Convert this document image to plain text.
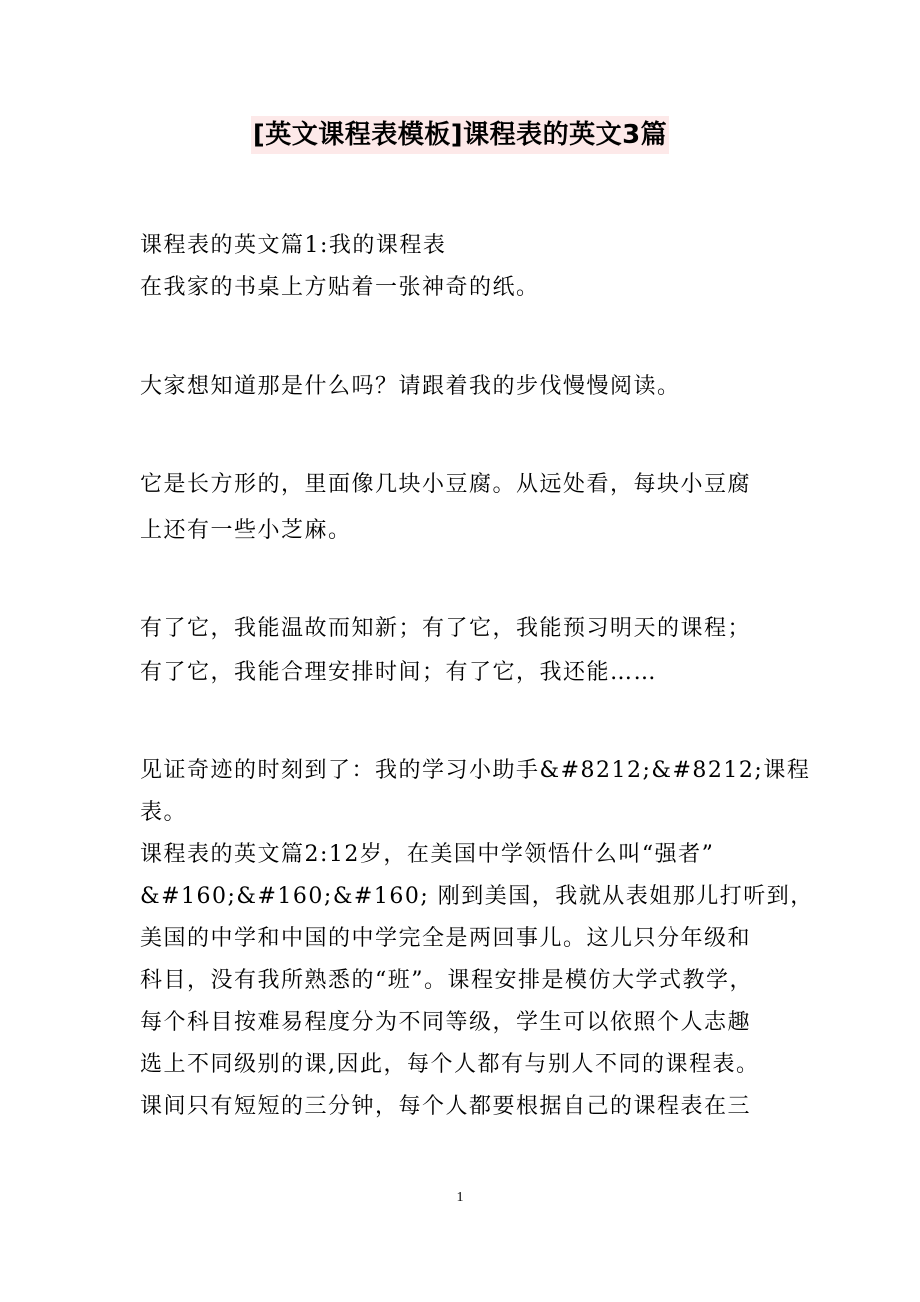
[英文课程表模板]课程表的英文3篇
课程表的英文篇1:我的课程表
在我家的书桌上方贴着一张神奇的纸。
大家想知道那是什么吗？请跟着我的步伐慢慢阅读。
它是长方形的，里面像几块小豆腐。从远处看，每块小豆腐
上还有一些小芝麻。
有了它，我能温故而知新；有了它，我能预习明天的课程；
有了它，我能合理安排时间；有了它，我还能……
见证奇迹的时刻到了：我的学习小助手&#8212;&#8212;课程
表。
课程表的英文篇2:12岁，在美国中学领悟什么叫“强者”
&#160;&#160;&#160; 刚到美国，我就从表姐那儿打听到，
美国的中学和中国的中学完全是两回事儿。这儿只分年级和
科目，没有我所熟悉的“班”。课程安排是模仿大学式教学，
每个科目按难易程度分为不同等级，学生可以依照个人志趣
选上不同级别的课,因此，每个人都有与别人不同的课程表。
课间只有短短的三分钟，每个人都要根据自己的课程表在三
1
